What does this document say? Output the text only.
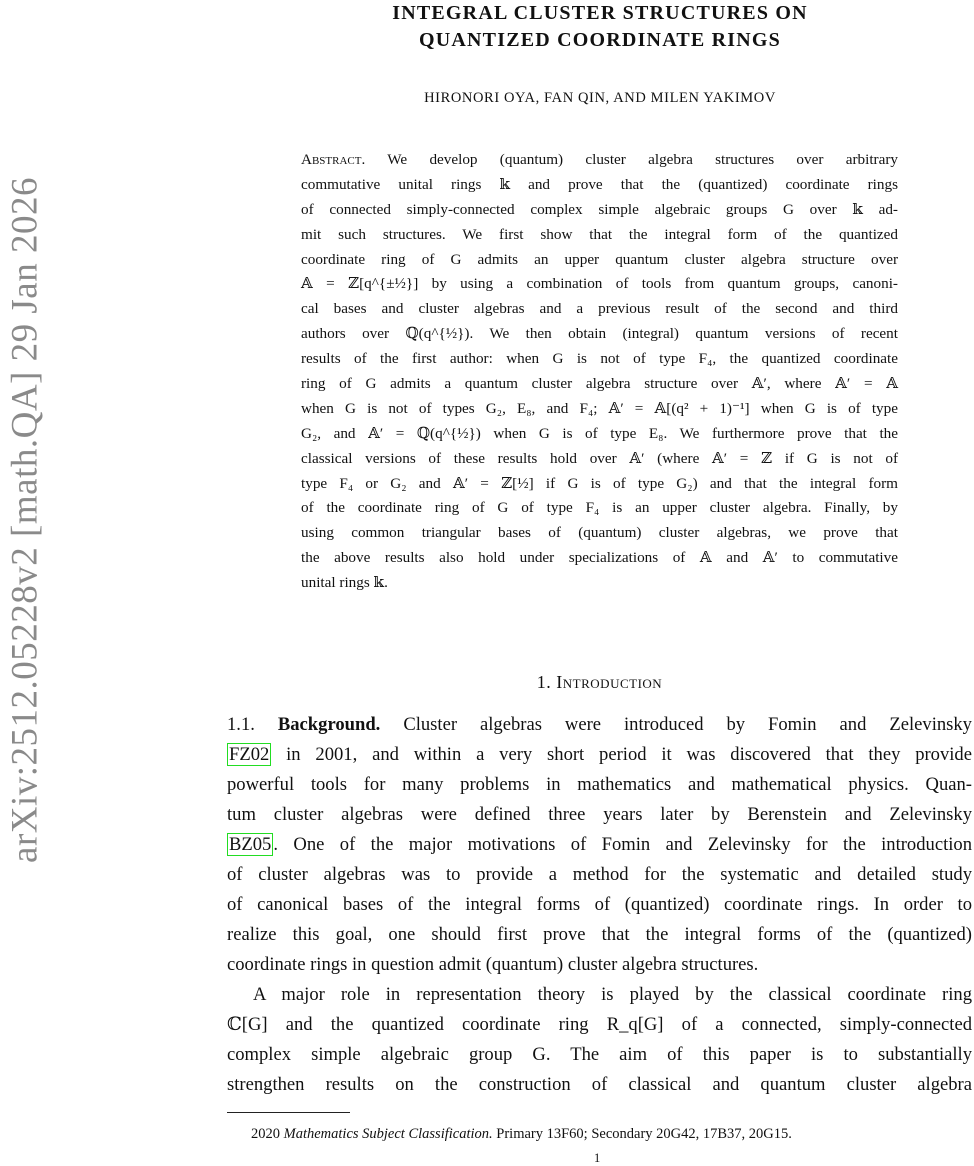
arXiv:2512.05228v2 [math.QA] 29 Jan 2026
INTEGRAL CLUSTER STRUCTURES ON
QUANTIZED COORDINATE RINGS
HIRONORI OYA, FAN QIN, AND MILEN YAKIMOV
Abstract. We develop (quantum) cluster algebra structures over arbitrary
commutative unital rings 𝕜 and prove that the (quantized) coordinate rings
of connected simply-connected complex simple algebraic groups G over 𝕜 ad-
mit such structures. We first show that the integral form of the quantized
coordinate ring of G admits an upper quantum cluster algebra structure over
𝔸 = ℤ[q^{±½}] by using a combination of tools from quantum groups, canoni-
cal bases and cluster algebras and a previous result of the second and third
authors over ℚ(q^{½}). We then obtain (integral) quantum versions of recent
results of the first author: when G is not of type F₄, the quantized coordinate
ring of G admits a quantum cluster algebra structure over 𝔸′, where 𝔸′ = 𝔸
when G is not of types G₂, E₈, and F₄; 𝔸′ = 𝔸[(q² + 1)⁻¹] when G is of type
G₂, and 𝔸′ = ℚ(q^{½}) when G is of type E₈. We furthermore prove that the
classical versions of these results hold over 𝔸′ (where 𝔸′ = ℤ if G is not of
type F₄ or G₂ and 𝔸′ = ℤ[½] if G is of type G₂) and that the integral form
of the coordinate ring of G of type F₄ is an upper cluster algebra. Finally, by
using common triangular bases of (quantum) cluster algebras, we prove that
the above results also hold under specializations of 𝔸 and 𝔸′ to commutative
unital rings 𝕜.
1. Introduction
1.1. Background. Cluster algebras were introduced by Fomin and Zelevinsky
FZ02 in 2001, and within a very short period it was discovered that they provide
powerful tools for many problems in mathematics and mathematical physics. Quan-
tum cluster algebras were defined three years later by Berenstein and Zelevinsky
BZ05 . One of the major motivations of Fomin and Zelevinsky for the introduction
of cluster algebras was to provide a method for the systematic and detailed study
of canonical bases of the integral forms of (quantized) coordinate rings. In order to
realize this goal, one should first prove that the integral forms of the (quantized)
coordinate rings in question admit (quantum) cluster algebra structures.
A major role in representation theory is played by the classical coordinate ring
ℂ[G] and the quantized coordinate ring R_q[G] of a connected, simply-connected
complex simple algebraic group G. The aim of this paper is to substantially
strengthen results on the construction of classical and quantum cluster algebra
2020 Mathematics Subject Classification. Primary 13F60; Secondary 20G42, 17B37, 20G15.
1
